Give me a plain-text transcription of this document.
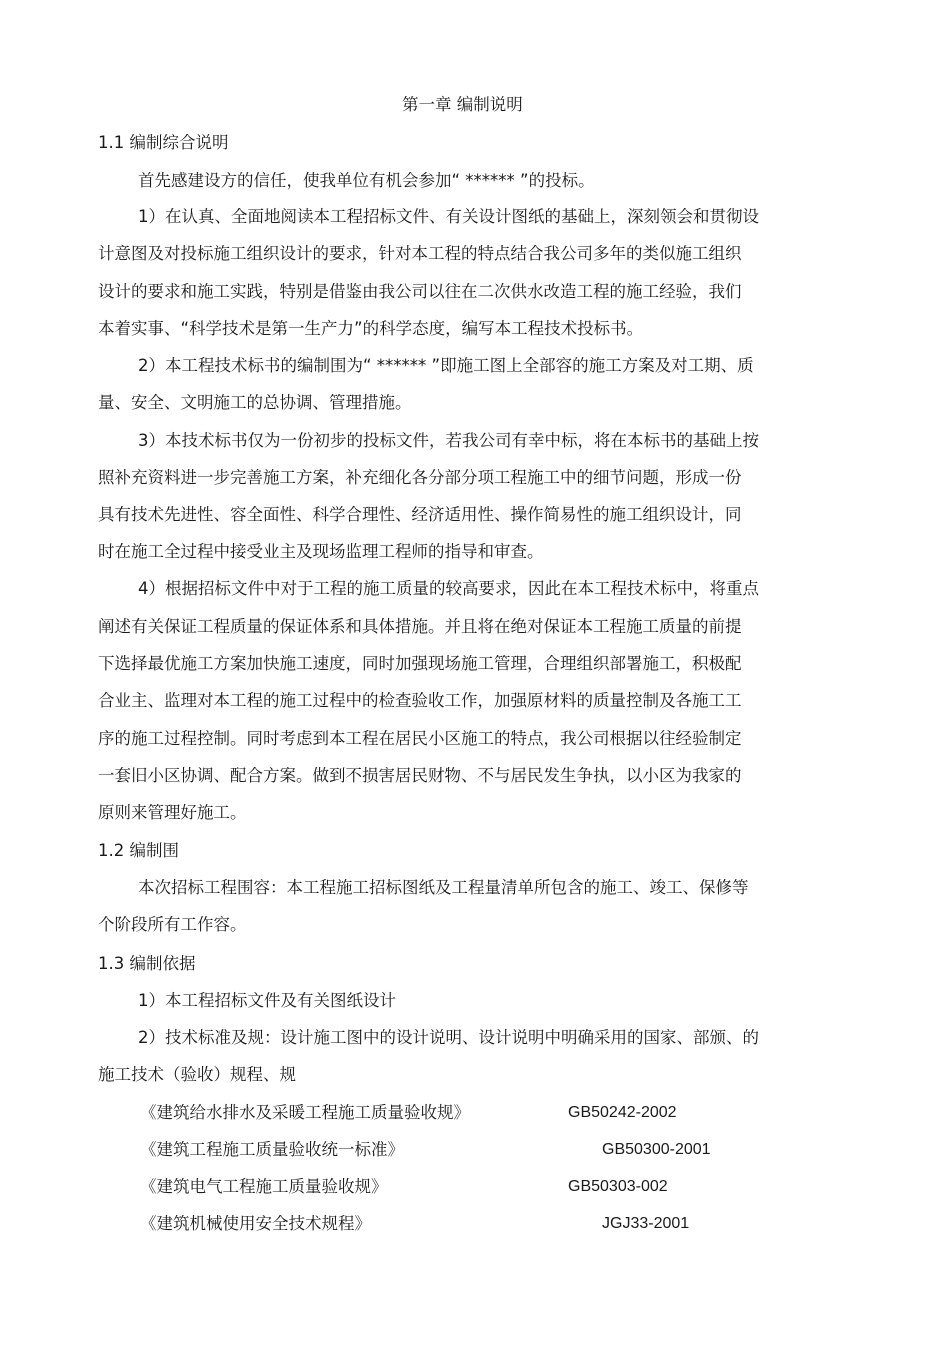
第一章 编制说明
1.1 编制综合说明
首先感建设方的信任，使我单位有机会参加“ ****** ”的投标。
1）在认真、全面地阅读本工程招标文件、有关设计图纸的基础上，深刻领会和贯彻设
计意图及对投标施工组织设计的要求，针对本工程的特点结合我公司多年的类似施工组织
设计的要求和施工实践，特别是借鉴由我公司以往在二次供水改造工程的施工经验，我们
本着实事、“科学技术是第一生产力”的科学态度，编写本工程技术投标书。
2）本工程技术标书的编制围为“ ****** ”即施工图上全部容的施工方案及对工期、质
量、安全、文明施工的总协调、管理措施。
3）本技术标书仅为一份初步的投标文件，若我公司有幸中标，将在本标书的基础上按
照补充资料进一步完善施工方案，补充细化各分部分项工程施工中的细节问题，形成一份
具有技术先进性、容全面性、科学合理性、经济适用性、操作简易性的施工组织设计，同
时在施工全过程中接受业主及现场监理工程师的指导和审查。
4）根据招标文件中对于工程的施工质量的较高要求，因此在本工程技术标中，将重点
阐述有关保证工程质量的保证体系和具体措施。并且将在绝对保证本工程施工质量的前提
下选择最优施工方案加快施工速度，同时加强现场施工管理，合理组织部署施工，积极配
合业主、监理对本工程的施工过程中的检查验收工作，加强原材料的质量控制及各施工工
序的施工过程控制。同时考虑到本工程在居民小区施工的特点，我公司根据以往经验制定
一套旧小区协调、配合方案。做到不损害居民财物、不与居民发生争执，以小区为我家的
原则来管理好施工。
1.2 编制围
本次招标工程围容：本工程施工招标图纸及工程量清单所包含的施工、竣工、保修等
个阶段所有工作容。
1.3 编制依据
1）本工程招标文件及有关图纸设计
2）技术标准及规：设计施工图中的设计说明、设计说明中明确采用的国家、部颁、的
施工技术（验收）规程、规
《建筑给水排水及采暖工程施工质量验收规》	GB50242-2002
《建筑工程施工质量验收统一标准》	GB50300-2001
《建筑电气工程施工质量验收规》	GB50303-002
《建筑机械使用安全技术规程》	JGJ33-2001
